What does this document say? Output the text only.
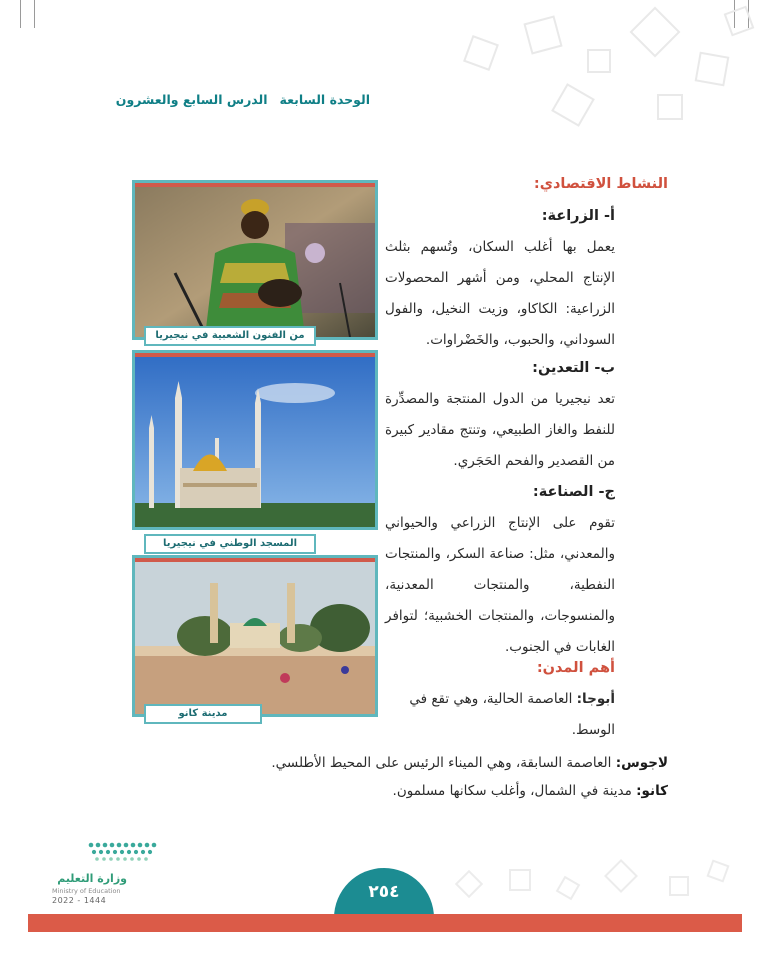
الوحدة السابعة
الدرس السابع والعشرون
من الفنون الشعبية في نيجيريا
المسجد الوطني في نيجيريا
مدينة كانو
النشاط الاقتصادي:
أ- الزراعة:
يعمل بها أغلب السكان، وتُسهم بثلث الإنتاج المحلي، ومن أشهر المحصولات الزراعية: الكاكاو، وزيت النخيل، والفول السوداني، والحبوب، والخَضْراوات.
ب- التعدين:
تعد نيجيريا من الدول المنتجة والمصدِّرة للنفط والغاز الطبيعي، وتنتج مقادير كبيرة من القصدير والفحم الحَجَري.
ج- الصناعة:
تقوم على الإنتاج الزراعي والحيواني والمعدني، مثل: صناعة السكر، والمنتجات النفطية، والمنتجات المعدنية، والمنسوجات، والمنتجات الخشبية؛ لتوافر الغابات في الجنوب.
أهم المدن:
أبوجا: العاصمة الحالية، وهي تقع في
الوسط.
لاجوس: العاصمة السابقة، وهي الميناء الرئيس على المحيط الأطلسي.
كانو: مدينة في الشمال، وأغلب سكانها مسلمون.
وزارة التعليم
Ministry of Education
2022 - 1444	٢٥٤
